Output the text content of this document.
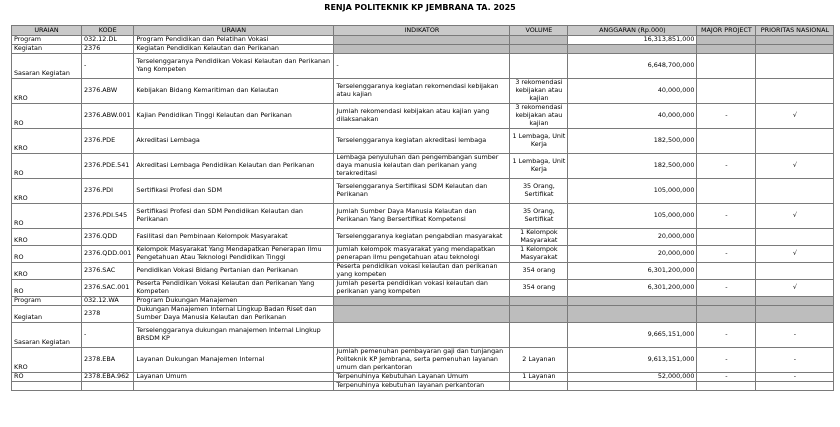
RENJA POLITEKNIK KP JEMBRANA TA. 2025
URAIAN	KODE	URAIAN	INDIKATOR	VOLUME	ANGGARAN (Rp.000)	MAJOR PROJECT	PRIORITAS NASIONAL
Program	032.12.DL	Program Pendidikan dan Pelatihan Vokasi			16,313,851,000		
Kegiatan	2376	Kegiatan Pendidikan Kelautan dan Perikanan					
Sasaran Kegiatan	-	Terselenggaranya Pendidikan Vokasi Kelautan dan Perikanan Yang Kompeten	-		6,648,700,000		
KRO	2376.ABW	Kebijakan Bidang Kemaritiman dan Kelautan	Terselenggaranya kegiatan rekomendasi kebijakan atau kajian	3 rekomendasi kebijakan atau kajian	40,000,000		
RO	2376.ABW.001	Kajian Pendidikan Tinggi Kelautan dan Perikanan	Jumlah rekomendasi kebijakan atau kajian yang dilaksanakan	3 rekomendasi kebijakan atau kajian	40,000,000	-	√
KRO	2376.PDE	Akreditasi Lembaga	Terselenggaranya kegiatan akreditasi lembaga	1 Lembaga, Unit Kerja	182,500,000		
RO	2376.PDE.541	Akreditasi Lembaga Pendidikan Kelautan dan Perikanan	Lembaga penyuluhan dan pengembangan sumber daya manusia kelautan dan perikanan yang terakreditasi	1 Lembaga, Unit Kerja	182,500,000	-	√
KRO	2376.PDI	Sertifikasi Profesi dan SDM	Terselenggaranya Sertifikasi SDM Kelautan dan Perikanan	35 Orang, Sertifikat	105,000,000		
RO	2376.PDI.545	Sertifikasi Profesi dan SDM Pendidikan Kelautan dan Perikanan	Jumlah Sumber Daya Manusia Kelautan dan Perikanan Yang Bersertifikat Kompetensi	35 Orang, Sertifikat	105,000,000	-	√
KRO	2376.QDD	Fasilitasi dan Pembinaan Kelompok Masyarakat	Terselenggaranya kegiatan pengabdian masyarakat	1 Kelompok Masyarakat	20,000,000		
RO	2376.QDD.001	Kelompok Masyarakat Yang Mendapatkan Penerapan Ilmu Pengetahuan Atau Teknologi Pendidikan Tinggi	Jumlah kelompok masyarakat yang mendapatkan penerapan ilmu pengetahuan atau teknologi	1 Kelompok Masyarakat	20,000,000	-	√
KRO	2376.SAC	Pendidikan Vokasi Bidang Pertanian dan Perikanan	Peserta pendidikan vokasi kelautan dan perikanan yang kompeten	354 orang	6,301,200,000		
RO	2376.SAC.001	Peserta Pendidikan Vokasi Kelautan dan Perikanan Yang Kompeten	Jumlah peserta pendidikan vokasi kelautan dan perikanan yang kompeten	354 orang	6,301,200,000	-	√
Program	032.12.WA	Program Dukungan Manajemen					
Kegiatan	2378	Dukungan Manajemen Internal Lingkup Badan Riset dan Sumber Daya Manusia Kelautan dan Perikanan					
Sasaran Kegiatan	-	Terselenggaranya dukungan manajemen Internal Lingkup BRSDM KP			9,665,151,000	-	-
KRO	2378.EBA	Layanan Dukungan Manajemen Internal	Jumlah pemenuhan pembayaran gaji dan tunjangan Politeknik KP Jembrana, serta pemenuhan layanan umum dan perkantoran	2 Layanan	9,613,151,000	-	-
RO	2378.EBA.962	Layanan Umum	Terpenuhinya Kebutuhan Layanan Umum	1 Layanan	52,000,000	-	-
			Terpenuhinya kebutuhan layanan perkantoran				
